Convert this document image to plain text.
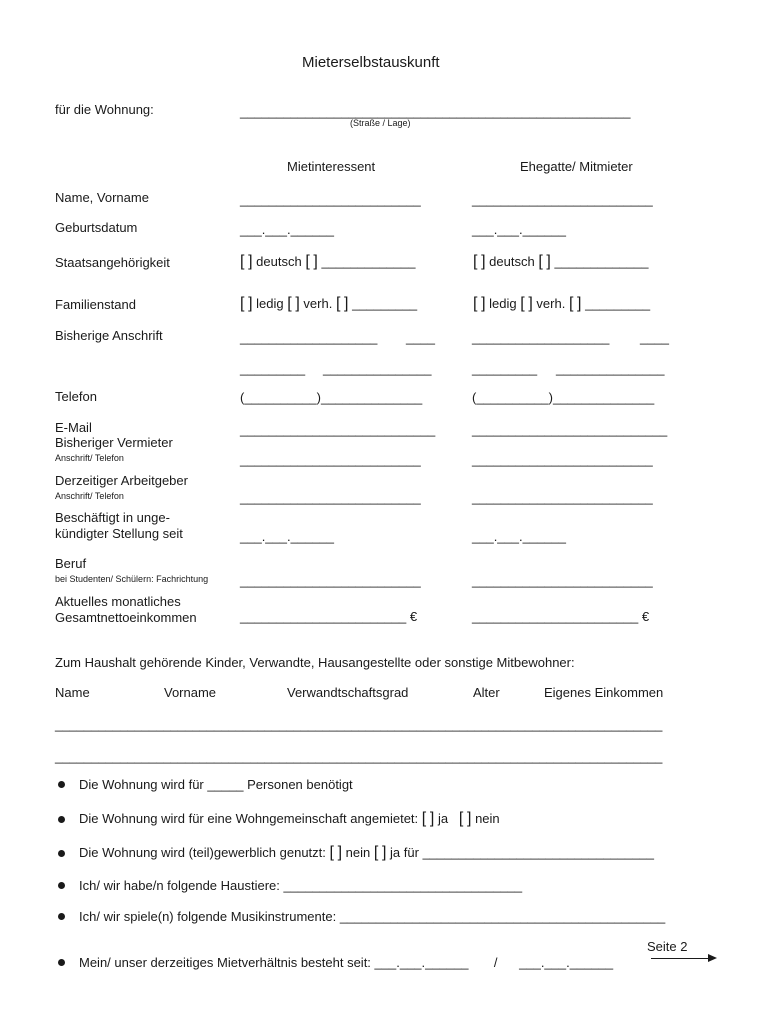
Mieterselbstauskunft
für die Wohnung:	______________________________________________________
(Straße / Lage)
Mietinteressent	Ehegatte/ Mitmieter
Name, Vorname	_________________________	_________________________
Geburtsdatum	___.___.______	___.___.______
Staatsangehörigkeit	[ ] deutsch [ ] _____________	[ ] deutsch [ ] _____________
Familienstand	[ ] ledig [ ] verh. [ ] _________	[ ] ledig [ ] verh. [ ] _________
Bisherige Anschrift	___________________ ____	___________________ ____
_________ _______________	_________ _______________
Telefon	(__________)______________	(__________)______________
E-Mail	___________________________	___________________________
Bisheriger Vermieter
Anschrift/ Telefon	_________________________	_________________________
Derzeitiger Arbeitgeber
Anschrift/ Telefon	_________________________	_________________________
Beschäftigt in unge-
kündigter Stellung seit	___.___.______	___.___.______
Beruf
bei Studenten/ Schülern: Fachrichtung _________________________	_________________________
Aktuelles monatliches
Gesamtnettoeinkommen	_______________________ €	_______________________ €
Zum Haushalt gehörende Kinder, Verwandte, Hausangestellte oder sonstige Mitbewohner:
Name	Vorname	Verwandtschaftsgrad	Alter	Eigenes Einkommen
____________________________________________________________________________________
____________________________________________________________________________________
Die Wohnung wird für _____ Personen benötigt
Die Wohnung wird für eine Wohngemeinschaft angemietet: [ ] ja [ ] nein
Die Wohnung wird (teil)gewerblich genutzt: [ ] nein [ ] ja für ________________________________
Ich/ wir habe/n folgende Haustiere: _________________________________
Ich/ wir spiele(n) folgende Musikinstrumente: _____________________________________________
Seite 2
Mein/ unser derzeitiges Mietverhältnis besteht seit: ___.___.______ / ___.___.______
